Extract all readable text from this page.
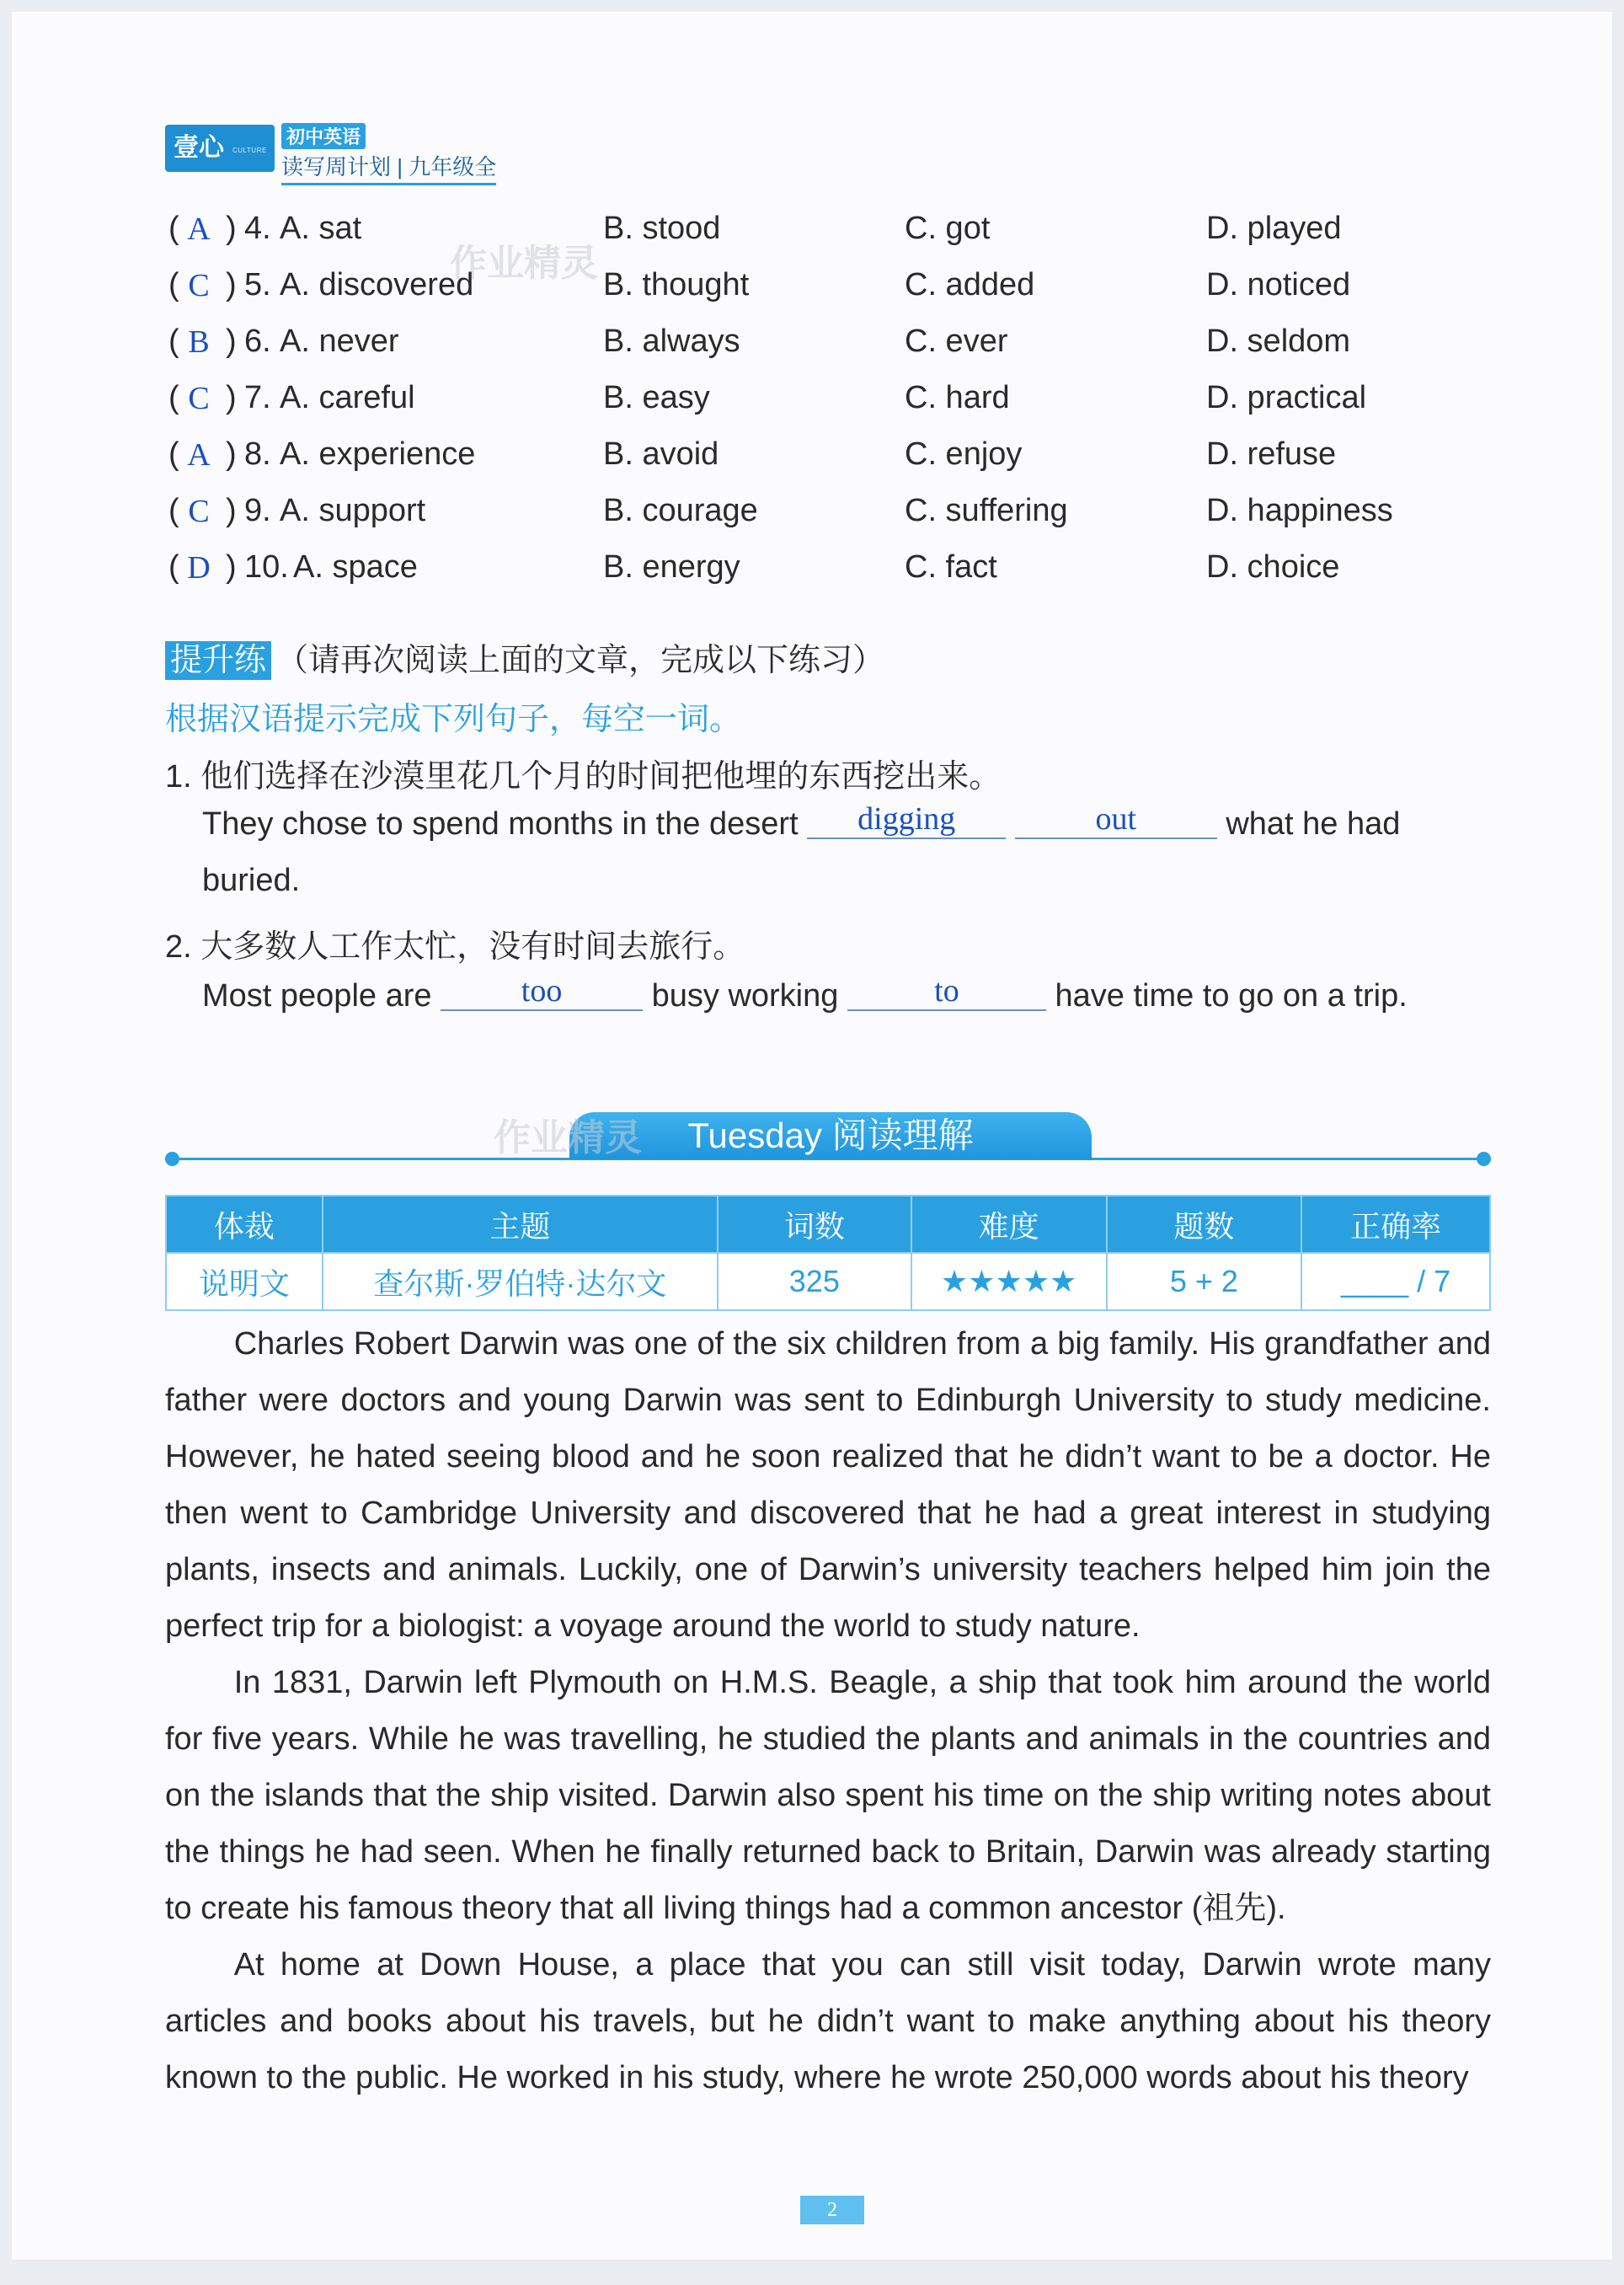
壹心	CULTURE
初中英语
读写周计划 | 九年级全
作业精灵
( A ) 4. A. sat	B. stood	C. got	D. played
( C ) 5. A. discovered	B. thought	C. added	D. noticed
( B ) 6. A. never	B. always	C. ever	D. seldom
( C ) 7. A. careful	B. easy	C. hard	D. practical
( A ) 8. A. experience	B. avoid	C. enjoy	D. refuse
( C ) 9. A. support	B. courage	C. suffering	D. happiness
( D ) 10. A. space	B. energy	C. fact	D. choice
提升练 （请再次阅读上面的文章，完成以下练习）
根据汉语提示完成下列句子，每空一词。
1. 他们选择在沙漠里花几个月的时间把他埋的东西挖出来。
They chose to spend months in the desert digging	out	what he had
buried.
2. 大多数人工作太忙，没有时间去旅行。
Most people are	too	busy working	to	have time to go on a trip.
Tuesday 阅读理解
作业精灵
体裁	主题	词数	难度	题数	正确率
说明文	查尔斯·罗伯特·达尔文	325	★★★★★	5 + 2	____ / 7

Charles Robert Darwin was one of the six children from a big family. His grandfather and father were doctors and young Darwin was sent to Edinburgh University to study medicine. However, he hated seeing blood and he soon realized that he didn’t want to be a doctor. He then went to Cambridge University and discovered that he had a great interest in studying plants, insects and animals. Luckily, one of Darwin’s university teachers helped him join the perfect trip for a biologist: a voyage around the world to study nature.

In 1831, Darwin left Plymouth on H.M.S. Beagle, a ship that took him around the world for five years. While he was travelling, he studied the plants and animals in the countries and on the islands that the ship visited. Darwin also spent his time on the ship writing notes about the things he had seen. When he finally returned back to Britain, Darwin was already starting to create his famous theory that all living things had a common ancestor (祖先).

At home at Down House, a place that you can still visit today, Darwin wrote many articles and books about his travels, but he didn’t want to make anything about his theory known to the public. He worked in his study, where he wrote 250,000 words about his theory

2
